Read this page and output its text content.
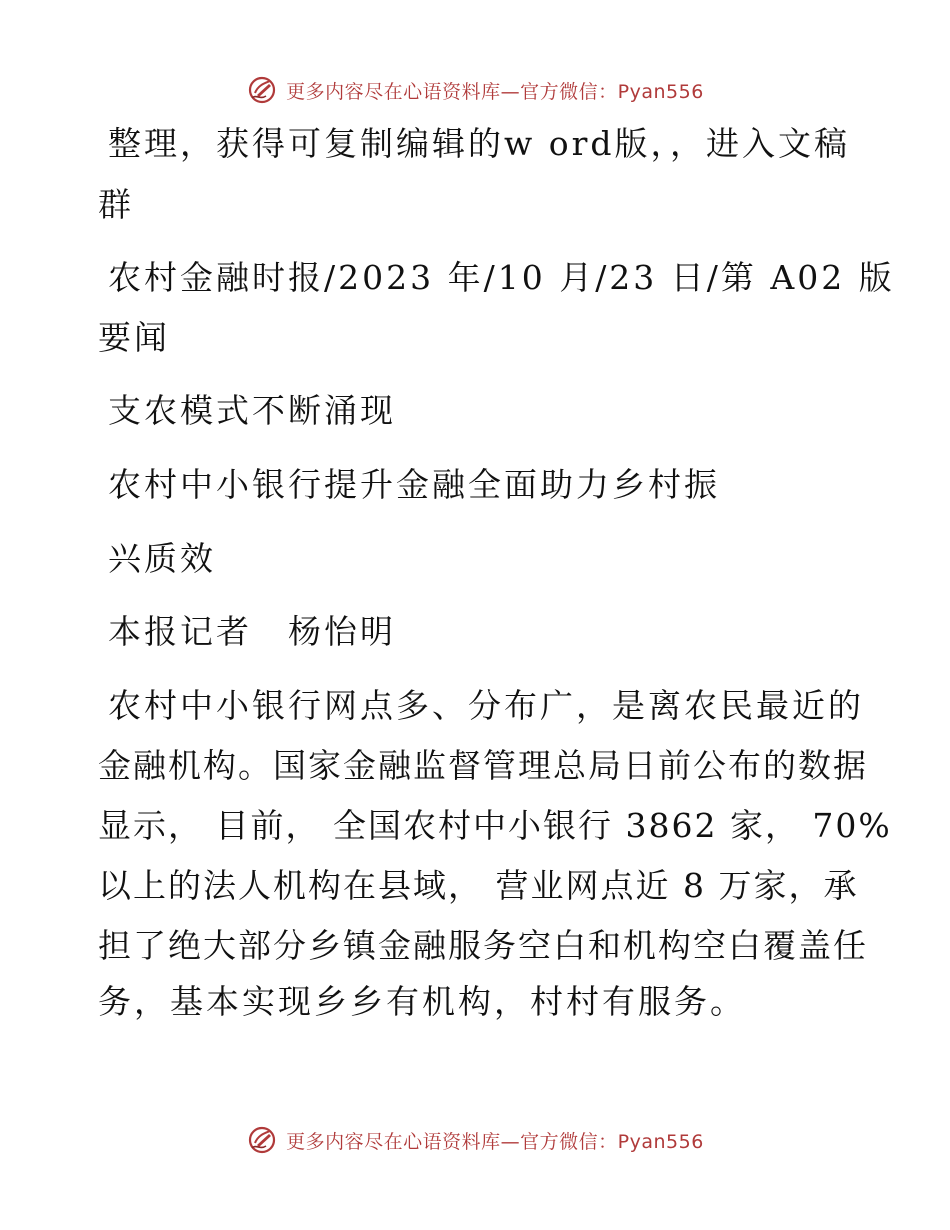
更多内容尽在心语资料库—官方微信：Pyan556
整理，获得可复制编辑的w ord版，，进入文稿
群
农村金融时报/2023 年/10 月/23 日/第 A02 版
要闻
支农模式不断涌现
农村中小银行提升金融全面助力乡村振
兴质效
本报记者　杨怡明
农村中小银行网点多、分布广，是离农民最近的
金融机构。国家金融监督管理总局日前公布的数据
显示， 目前， 全国农村中小银行 3862 家， 70%
以上的法人机构在县域， 营业网点近 8 万家，承
担了绝大部分乡镇金融服务空白和机构空白覆盖任
务，基本实现乡乡有机构，村村有服务。
更多内容尽在心语资料库—官方微信：Pyan556
